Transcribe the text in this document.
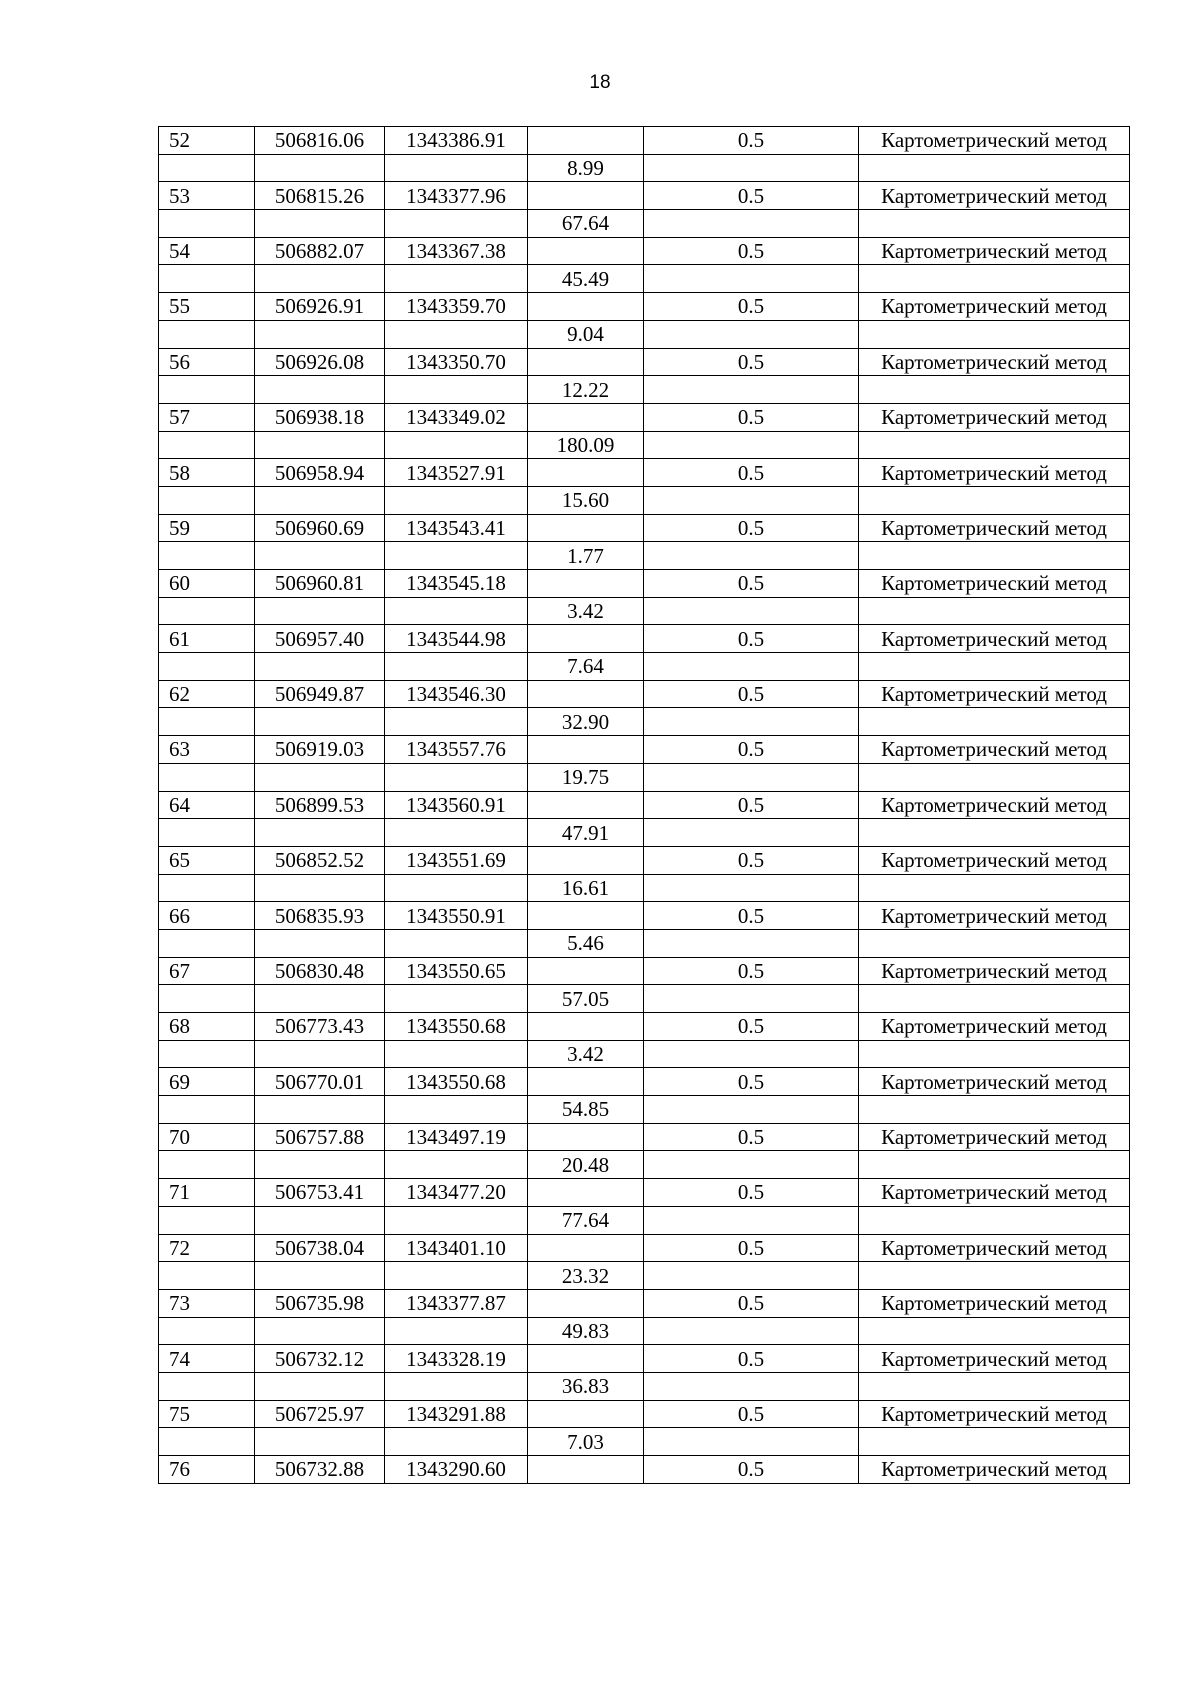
18
52	506816.06	1343386.91		0.5	Картометрический метод
			8.99		
53	506815.26	1343377.96		0.5	Картометрический метод
			67.64		
54	506882.07	1343367.38		0.5	Картометрический метод
			45.49		
55	506926.91	1343359.70		0.5	Картометрический метод
			9.04		
56	506926.08	1343350.70		0.5	Картометрический метод
			12.22		
57	506938.18	1343349.02		0.5	Картометрический метод
			180.09		
58	506958.94	1343527.91		0.5	Картометрический метод
			15.60		
59	506960.69	1343543.41		0.5	Картометрический метод
			1.77		
60	506960.81	1343545.18		0.5	Картометрический метод
			3.42		
61	506957.40	1343544.98		0.5	Картометрический метод
			7.64		
62	506949.87	1343546.30		0.5	Картометрический метод
			32.90		
63	506919.03	1343557.76		0.5	Картометрический метод
			19.75		
64	506899.53	1343560.91		0.5	Картометрический метод
			47.91		
65	506852.52	1343551.69		0.5	Картометрический метод
			16.61		
66	506835.93	1343550.91		0.5	Картометрический метод
			5.46		
67	506830.48	1343550.65		0.5	Картометрический метод
			57.05		
68	506773.43	1343550.68		0.5	Картометрический метод
			3.42		
69	506770.01	1343550.68		0.5	Картометрический метод
			54.85		
70	506757.88	1343497.19		0.5	Картометрический метод
			20.48		
71	506753.41	1343477.20		0.5	Картометрический метод
			77.64		
72	506738.04	1343401.10		0.5	Картометрический метод
			23.32		
73	506735.98	1343377.87		0.5	Картометрический метод
			49.83		
74	506732.12	1343328.19		0.5	Картометрический метод
			36.83		
75	506725.97	1343291.88		0.5	Картометрический метод
			7.03		
76	506732.88	1343290.60		0.5	Картометрический метод
